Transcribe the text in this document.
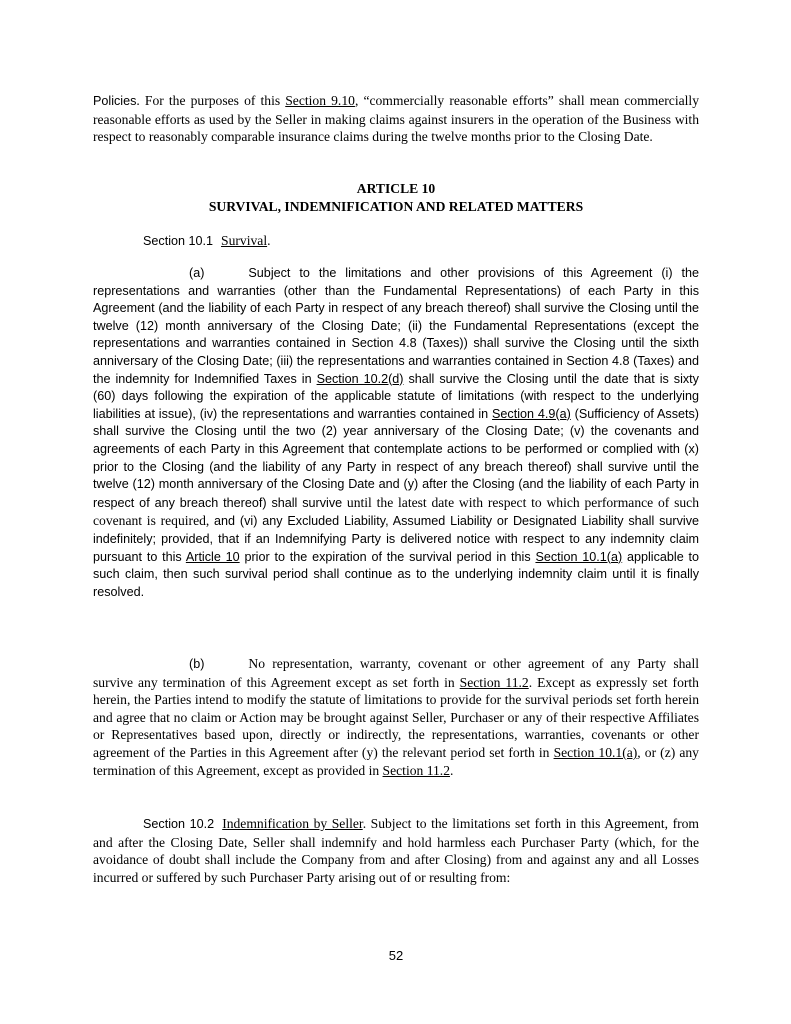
Policies. For the purposes of this Section 9.10, “commercially reasonable efforts” shall mean commercially reasonable efforts as used by the Seller in making claims against insurers in the operation of the Business with respect to reasonably comparable insurance claims during the twelve months prior to the Closing Date.

ARTICLE 10

SURVIVAL, INDEMNIFICATION AND RELATED MATTERS

Section 10.1 Survival.

(a)	Subject to the limitations and other provisions of this Agreement (i) the representations and warranties (other than the Fundamental Representations) of each Party in this Agreement (and the liability of each Party in respect of any breach thereof) shall survive the Closing until the twelve (12) month anniversary of the Closing Date; (ii) the Fundamental Representations (except the representations and warranties contained in Section 4.8 (Taxes)) shall survive the Closing until the sixth anniversary of the Closing Date; (iii) the representations and warranties contained in Section 4.8 (Taxes) and the indemnity for Indemnified Taxes in Section 10.2(d) shall survive the Closing until the date that is sixty (60) days following the expiration of the applicable statute of limitations (with respect to the underlying liabilities at issue), (iv) the representations and warranties contained in Section 4.9(a) (Sufficiency of Assets) shall survive the Closing until the two (2) year anniversary of the Closing Date; (v) the covenants and agreements of each Party in this Agreement that contemplate actions to be performed or complied with (x) prior to the Closing (and the liability of any Party in respect of any breach thereof) shall survive until the twelve (12) month anniversary of the Closing Date and (y) after the Closing (and the liability of each Party in respect of any breach thereof) shall survive until the latest date with respect to which performance of such covenant is required, and (vi) any Excluded Liability, Assumed Liability or Designated Liability shall survive indefinitely; provided, that if an Indemnifying Party is delivered notice with respect to any indemnity claim pursuant to this Article 10 prior to the expiration of the survival period in this Section 10.1(a) applicable to such claim, then such survival period shall continue as to the underlying indemnity claim until it is finally resolved.

(b)	No representation, warranty, covenant or other agreement of any Party shall survive any termination of this Agreement except as set forth in Section 11.2. Except as expressly set forth herein, the Parties intend to modify the statute of limitations to provide for the survival periods set forth herein and agree that no claim or Action may be brought against Seller, Purchaser or any of their respective Affiliates or Representatives based upon, directly or indirectly, the representations, warranties, covenants or other agreement of the Parties in this Agreement after (y) the relevant period set forth in Section 10.1(a), or (z) any termination of this Agreement, except as provided in Section 11.2.

Section 10.2 Indemnification by Seller. Subject to the limitations set forth in this Agreement, from and after the Closing Date, Seller shall indemnify and hold harmless each Purchaser Party (which, for the avoidance of doubt shall include the Company from and after Closing) from and against any and all Losses incurred or suffered by such Purchaser Party arising out of or resulting from:

52
